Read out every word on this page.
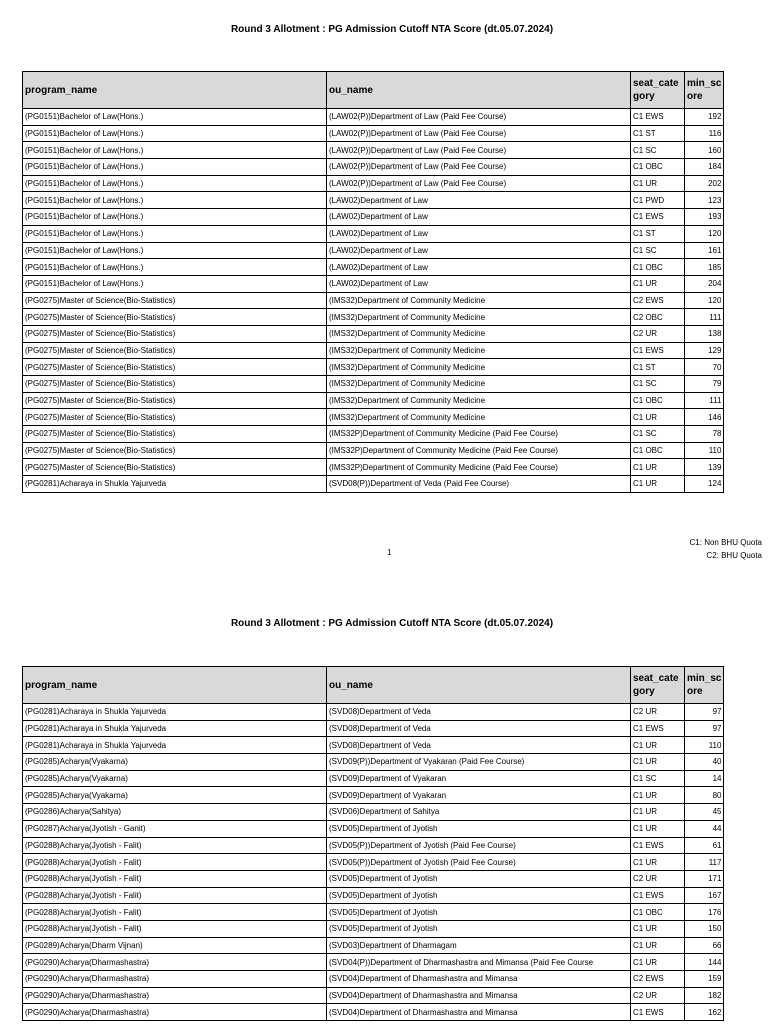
Round 3 Allotment : PG Admission Cutoff NTA Score (dt.05.07.2024)
program_name	ou_name	seat_cate gory	min_sc ore
(PG0151)Bachelor of Law(Hons.)	(LAW02(P))Department of Law (Paid Fee Course)	C1 EWS	192
(PG0151)Bachelor of Law(Hons.)	(LAW02(P))Department of Law (Paid Fee Course)	C1 ST	116
(PG0151)Bachelor of Law(Hons.)	(LAW02(P))Department of Law (Paid Fee Course)	C1 SC	160
(PG0151)Bachelor of Law(Hons.)	(LAW02(P))Department of Law (Paid Fee Course)	C1 OBC	184
(PG0151)Bachelor of Law(Hons.)	(LAW02(P))Department of Law (Paid Fee Course)	C1 UR	202
(PG0151)Bachelor of Law(Hons.)	(LAW02)Department of Law	C1 PWD	123
(PG0151)Bachelor of Law(Hons.)	(LAW02)Department of Law	C1 EWS	193
(PG0151)Bachelor of Law(Hons.)	(LAW02)Department of Law	C1 ST	120
(PG0151)Bachelor of Law(Hons.)	(LAW02)Department of Law	C1 SC	161
(PG0151)Bachelor of Law(Hons.)	(LAW02)Department of Law	C1 OBC	185
(PG0151)Bachelor of Law(Hons.)	(LAW02)Department of Law	C1 UR	204
(PG0275)Master of Science(Bio-Statistics)	(IMS32)Department of Community Medicine	C2 EWS	120
(PG0275)Master of Science(Bio-Statistics)	(IMS32)Department of Community Medicine	C2 OBC	111
(PG0275)Master of Science(Bio-Statistics)	(IMS32)Department of Community Medicine	C2 UR	138
(PG0275)Master of Science(Bio-Statistics)	(IMS32)Department of Community Medicine	C1 EWS	129
(PG0275)Master of Science(Bio-Statistics)	(IMS32)Department of Community Medicine	C1 ST	70
(PG0275)Master of Science(Bio-Statistics)	(IMS32)Department of Community Medicine	C1 SC	79
(PG0275)Master of Science(Bio-Statistics)	(IMS32)Department of Community Medicine	C1 OBC	111
(PG0275)Master of Science(Bio-Statistics)	(IMS32)Department of Community Medicine	C1 UR	146
(PG0275)Master of Science(Bio-Statistics)	(IMS32P)Department of Community Medicine (Paid Fee Course)	C1 SC	78
(PG0275)Master of Science(Bio-Statistics)	(IMS32P)Department of Community Medicine (Paid Fee Course)	C1 OBC	110
(PG0275)Master of Science(Bio-Statistics)	(IMS32P)Department of Community Medicine (Paid Fee Course)	C1 UR	139
(PG0281)Acharaya in Shukla Yajurveda	(SVD08(P))Department of Veda (Paid Fee Course)	C1 UR	124
1
C1: Non BHU Quota
C2: BHU Quota
Round 3 Allotment : PG Admission Cutoff NTA Score (dt.05.07.2024)
program_name	ou_name	seat_cate gory	min_sc ore
(PG0281)Acharaya in Shukla Yajurveda	(SVD08)Department of Veda	C2 UR	97
(PG0281)Acharaya in Shukla Yajurveda	(SVD08)Department of Veda	C1 EWS	97
(PG0281)Acharaya in Shukla Yajurveda	(SVD08)Department of Veda	C1 UR	110
(PG0285)Acharya(Vyakarna)	(SVD09(P))Department of Vyakaran (Paid Fee Course)	C1 UR	40
(PG0285)Acharya(Vyakarna)	(SVD09)Department of Vyakaran	C1 SC	14
(PG0285)Acharya(Vyakarna)	(SVD09)Department of Vyakaran	C1 UR	80
(PG0286)Acharya(Sahitya)	(SVD06)Department of Sahitya	C1 UR	45
(PG0287)Acharya(Jyotish - Ganit)	(SVD05)Department of Jyotish	C1 UR	44
(PG0288)Acharya(Jyotish - Falit)	(SVD05(P))Department of Jyotish (Paid Fee Course)	C1 EWS	61
(PG0288)Acharya(Jyotish - Falit)	(SVD05(P))Department of Jyotish (Paid Fee Course)	C1 UR	117
(PG0288)Acharya(Jyotish - Falit)	(SVD05)Department of Jyotish	C2 UR	171
(PG0288)Acharya(Jyotish - Falit)	(SVD05)Department of Jyotish	C1 EWS	167
(PG0288)Acharya(Jyotish - Falit)	(SVD05)Department of Jyotish	C1 OBC	176
(PG0288)Acharya(Jyotish - Falit)	(SVD05)Department of Jyotish	C1 UR	150
(PG0289)Acharya(Dharm Vijnan)	(SVD03)Department of Dharmagam	C1 UR	66
(PG0290)Acharya(Dharmashastra)	(SVD04(P))Department of Dharmashastra and Mimansa (Paid Fee Course	C1 UR	144
(PG0290)Acharya(Dharmashastra)	(SVD04)Department of Dharmashastra and Mimansa	C2 EWS	159
(PG0290)Acharya(Dharmashastra)	(SVD04)Department of Dharmashastra and Mimansa	C2 UR	182
(PG0290)Acharya(Dharmashastra)	(SVD04)Department of Dharmashastra and Mimansa	C1 EWS	162
